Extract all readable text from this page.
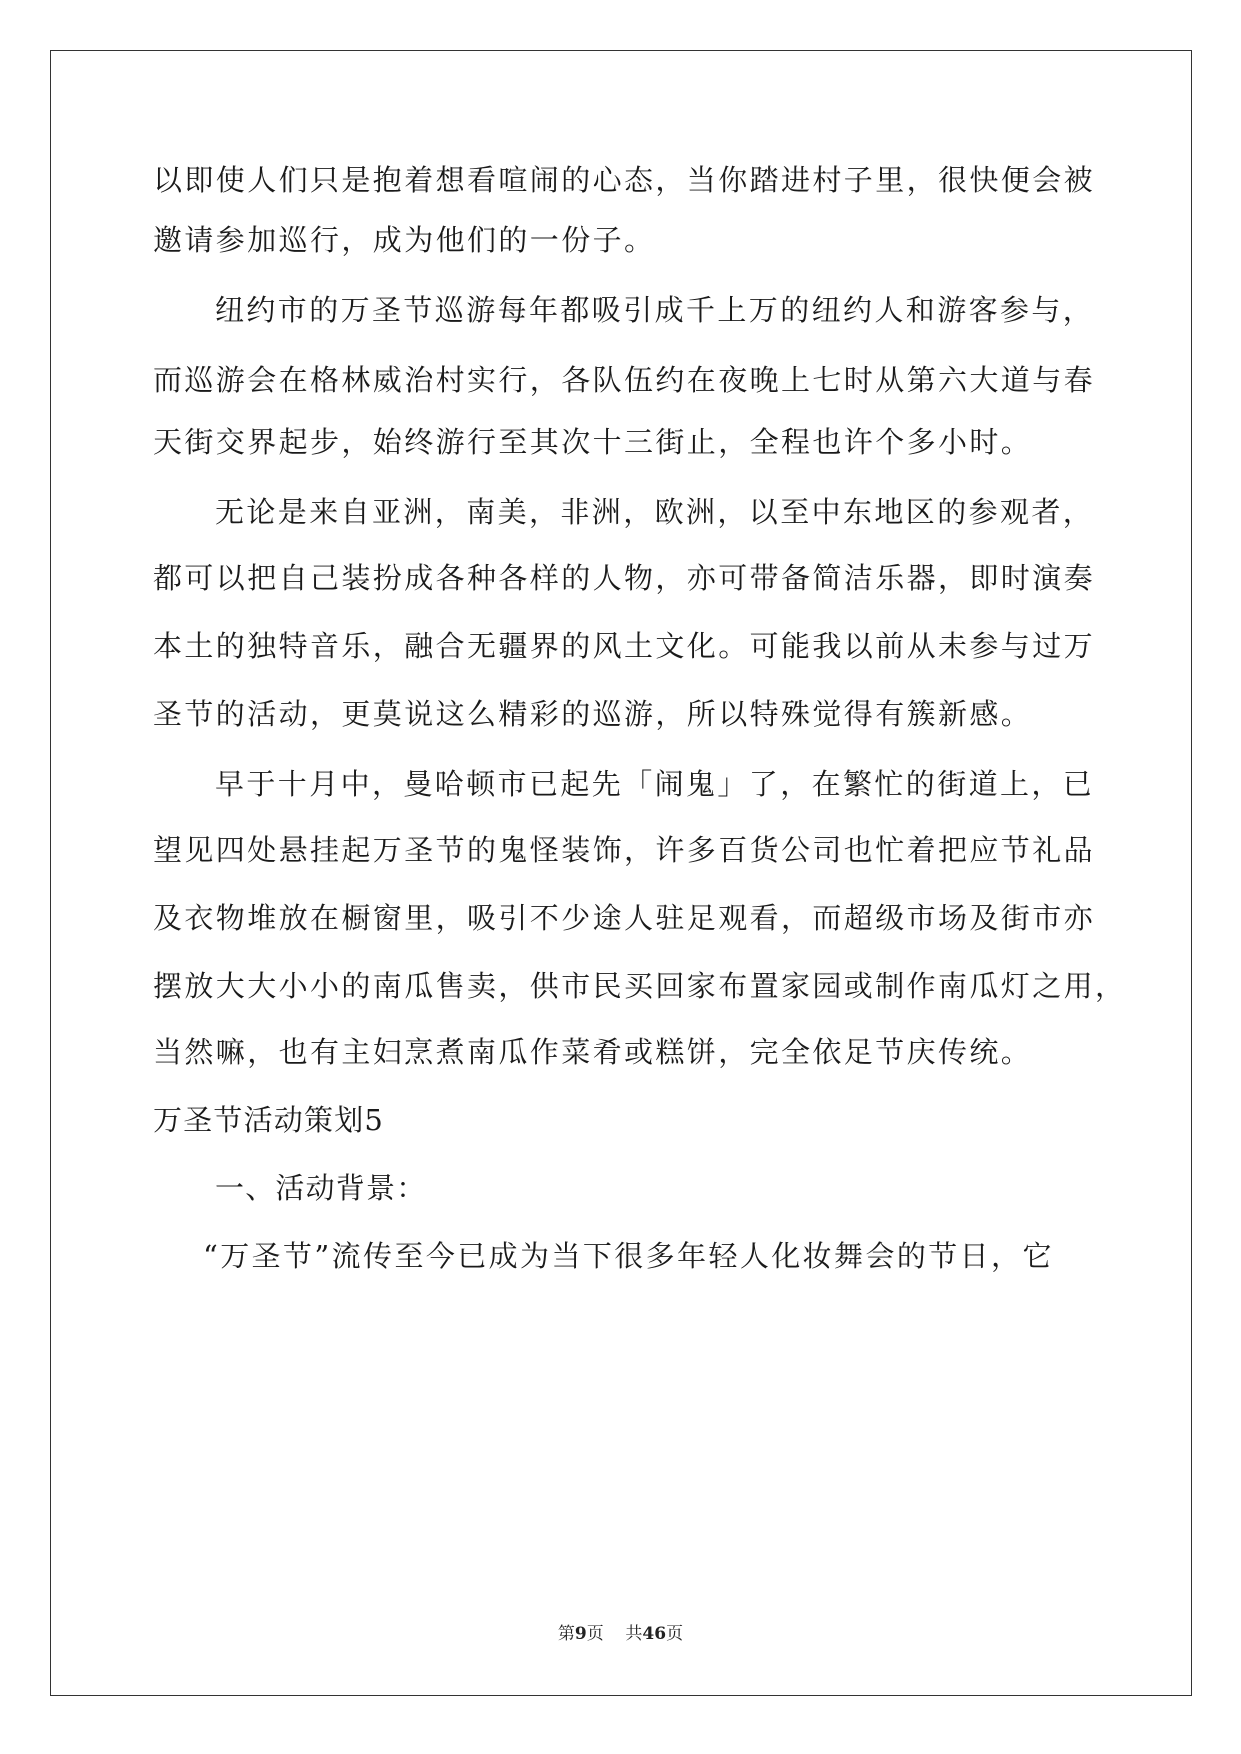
以即使人们只是抱着想看喧闹的心态，当你踏进村子里，很快便会被
邀请参加巡行，成为他们的一份子。
纽约市的万圣节巡游每年都吸引成千上万的纽约人和游客参与，
而巡游会在格林威治村实行，各队伍约在夜晚上七时从第六大道与春
天街交界起步，始终游行至其次十三街止，全程也许个多小时。
无论是来自亚洲，南美，非洲，欧洲，以至中东地区的参观者，
都可以把自己装扮成各种各样的人物，亦可带备简洁乐器，即时演奏
本土的独特音乐，融合无疆界的风土文化。可能我以前从未参与过万
圣节的活动，更莫说这么精彩的巡游，所以特殊觉得有簇新感。
早于十月中，曼哈顿市已起先「闹鬼」了，在繁忙的街道上，已
望见四处悬挂起万圣节的鬼怪装饰，许多百货公司也忙着把应节礼品
及衣物堆放在橱窗里，吸引不少途人驻足观看，而超级市场及街市亦
摆放大大小小的南瓜售卖，供市民买回家布置家园或制作南瓜灯之用，
当然嘛，也有主妇烹煮南瓜作菜肴或糕饼，完全依足节庆传统。
万圣节活动策划5
一、活动背景：
“万圣节”流传至今已成为当下很多年轻人化妆舞会的节日，它
第9页    共46页
